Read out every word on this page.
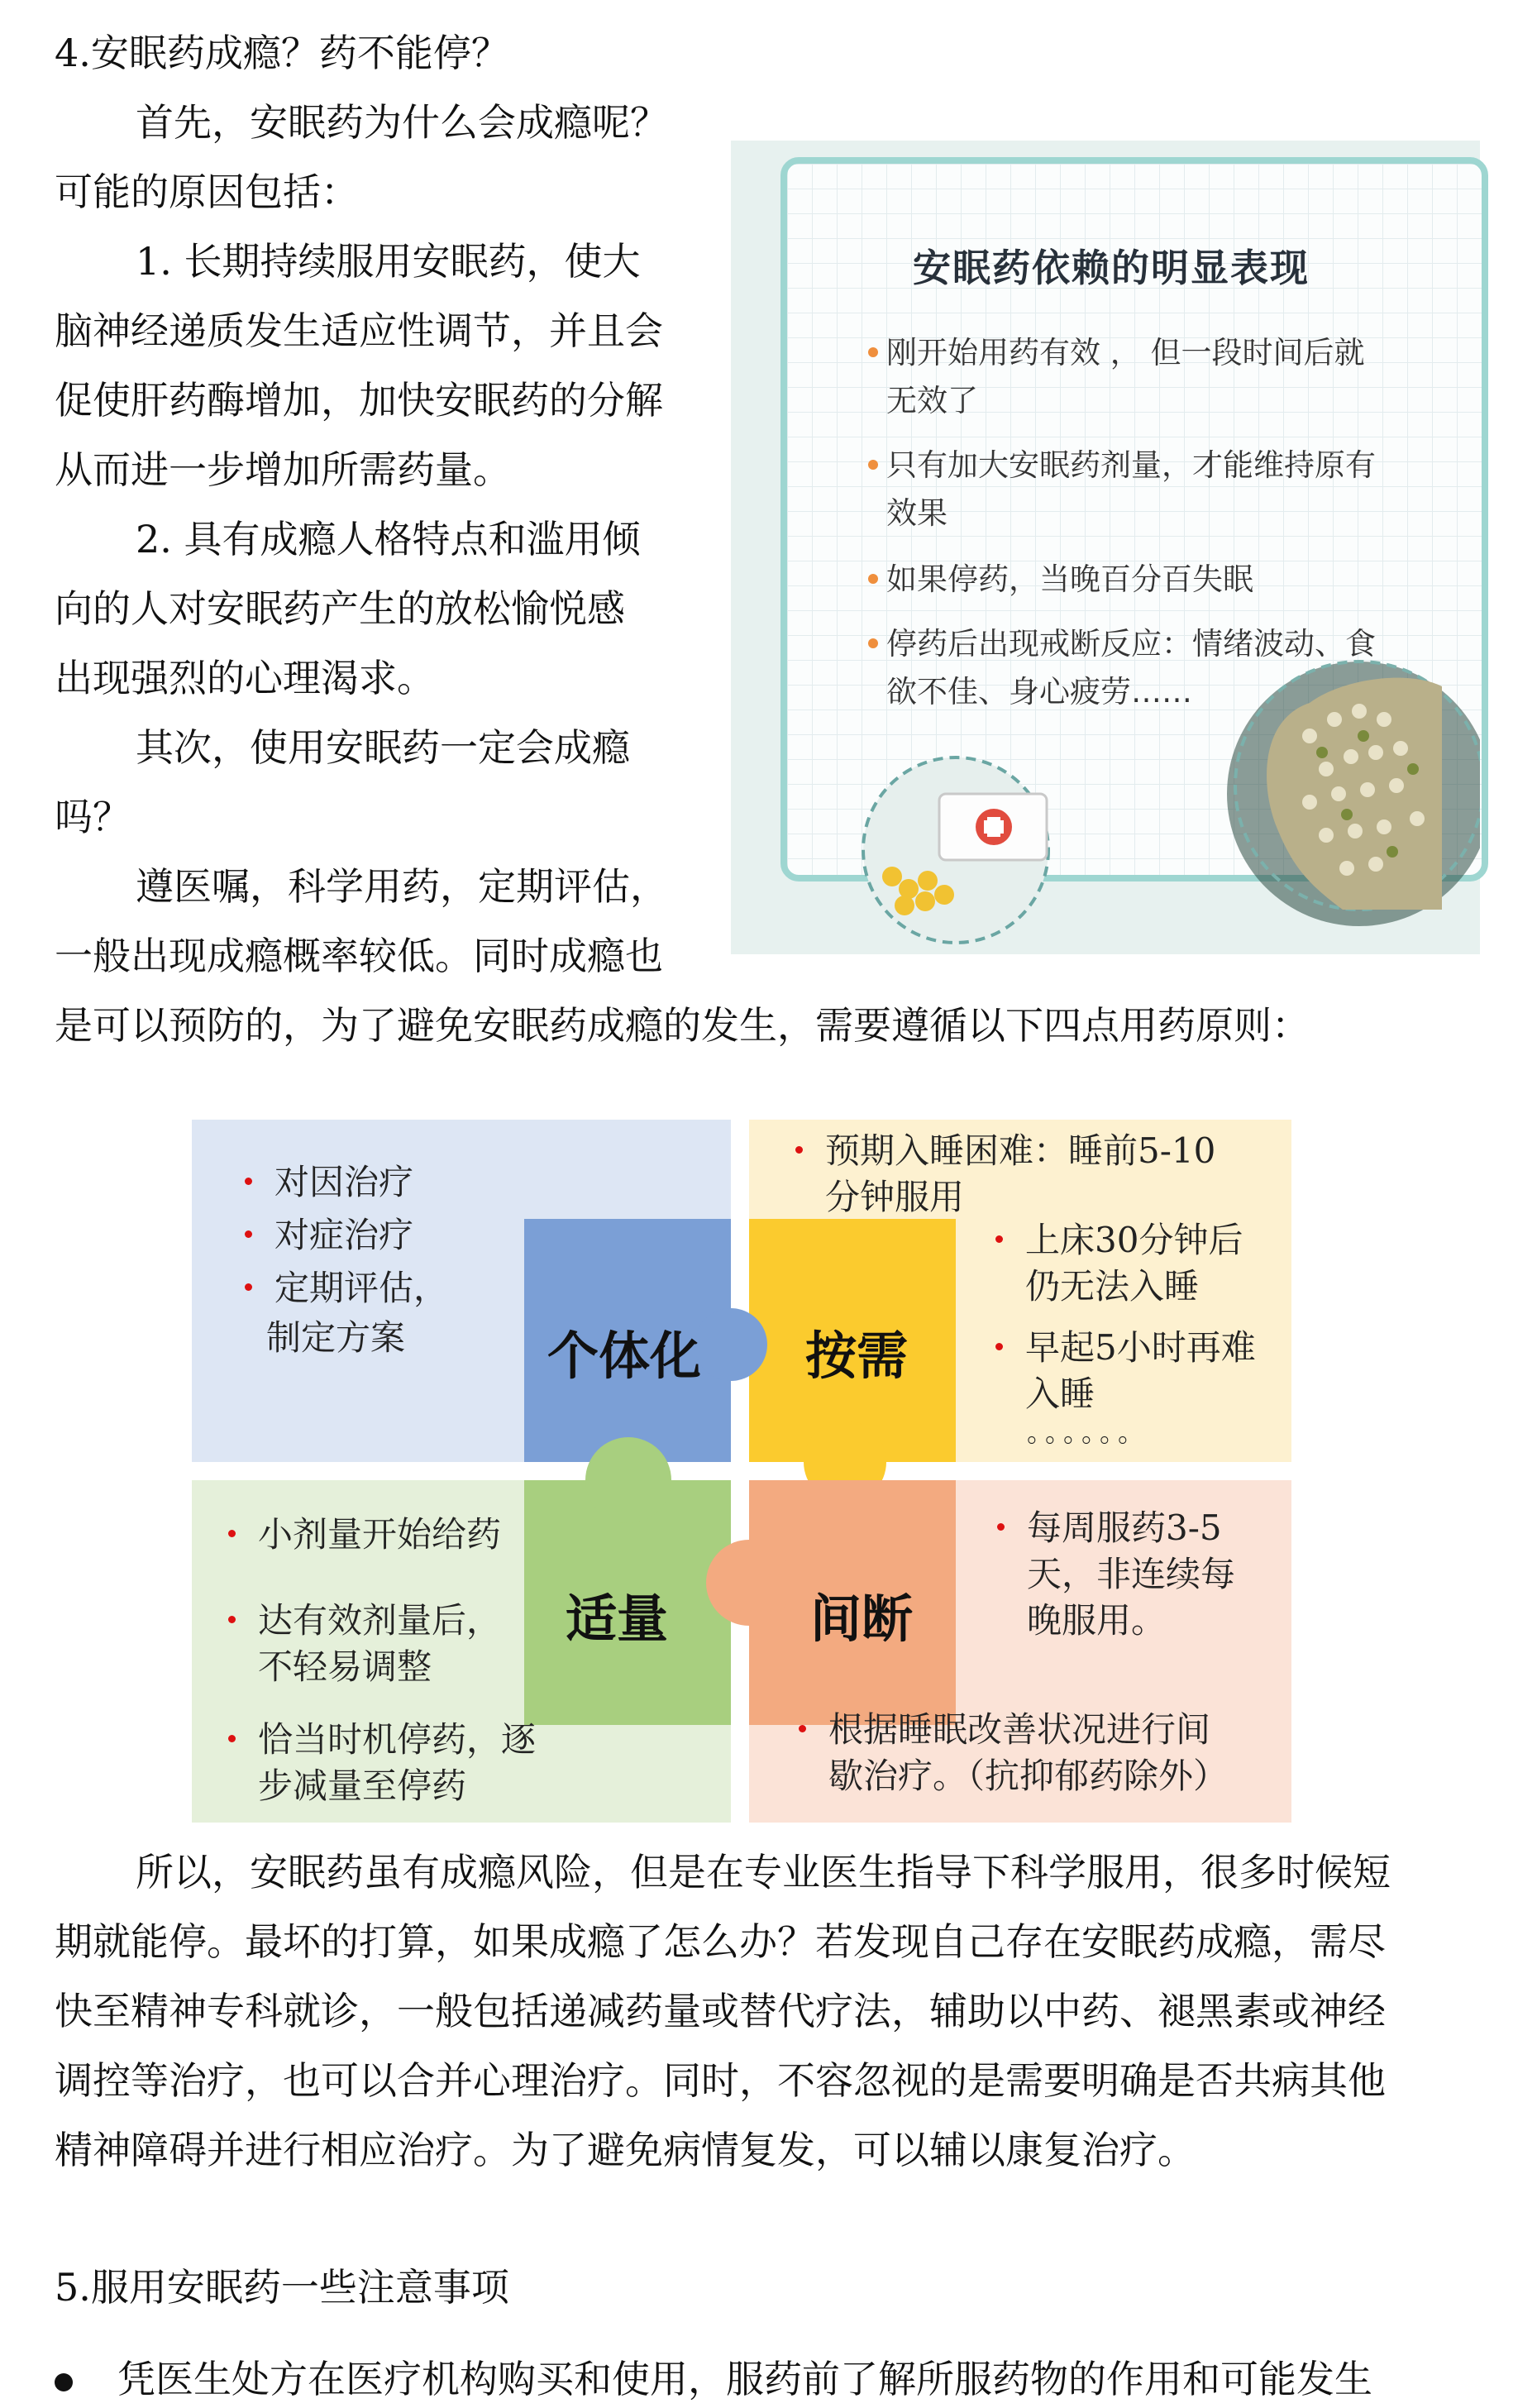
4.安眠药成瘾？药不能停？

首先，安眠药为什么会成瘾呢？

可能的原因包括：

1. 长期持续服用安眠药，使大

脑神经递质发生适应性调节，并且会

促使肝药酶增加，加快安眠药的分解

从而进一步增加所需药量。

2. 具有成瘾人格特点和滥用倾

向的人对安眠药产生的放松愉悦感

出现强烈的心理渴求。

其次，使用安眠药一定会成瘾

吗？

遵医嘱，科学用药，定期评估，

一般出现成瘾概率较低。同时成瘾也

是可以预防的，为了避免安眠药成瘾的发生，需要遵循以下四点用药原则：

安眠药依赖的明显表现
刚开始用药有效 ， 但一段时间后就
无效了
只有加大安眠药剂量，才能维持原有
效果
如果停药，当晚百分百失眠
停药后出现戒断反应：情绪波动、食
欲不佳、身心疲劳……
个体化 按需
适量	间断
对因治疗
对症治疗
定期评估，
制定方案
预期入睡困难：睡前5-10
分钟服用
上床30分钟后
仍无法入睡
早起5小时再难
入睡
。。。。。。
小剂量开始给药
达有效剂量后，
不轻易调整
恰当时机停药，逐
步减量至停药
每周服药3-5
天，非连续每
晚服用。
根据睡眠改善状况进行间
歇治疗。（抗抑郁药除外）

所以，安眠药虽有成瘾风险，但是在专业医生指导下科学服用，很多时候短

期就能停。最坏的打算，如果成瘾了怎么办？若发现自己存在安眠药成瘾，需尽

快至精神专科就诊，一般包括递减药量或替代疗法，辅助以中药、褪黑素或神经

调控等治疗，也可以合并心理治疗。同时，不容忽视的是需要明确是否共病其他

精神障碍并进行相应治疗。为了避免病情复发，可以辅以康复治疗。

5.服用安眠药一些注意事项

凭医生处方在医疗机构购买和使用，服药前了解所服药物的作用和可能发生
